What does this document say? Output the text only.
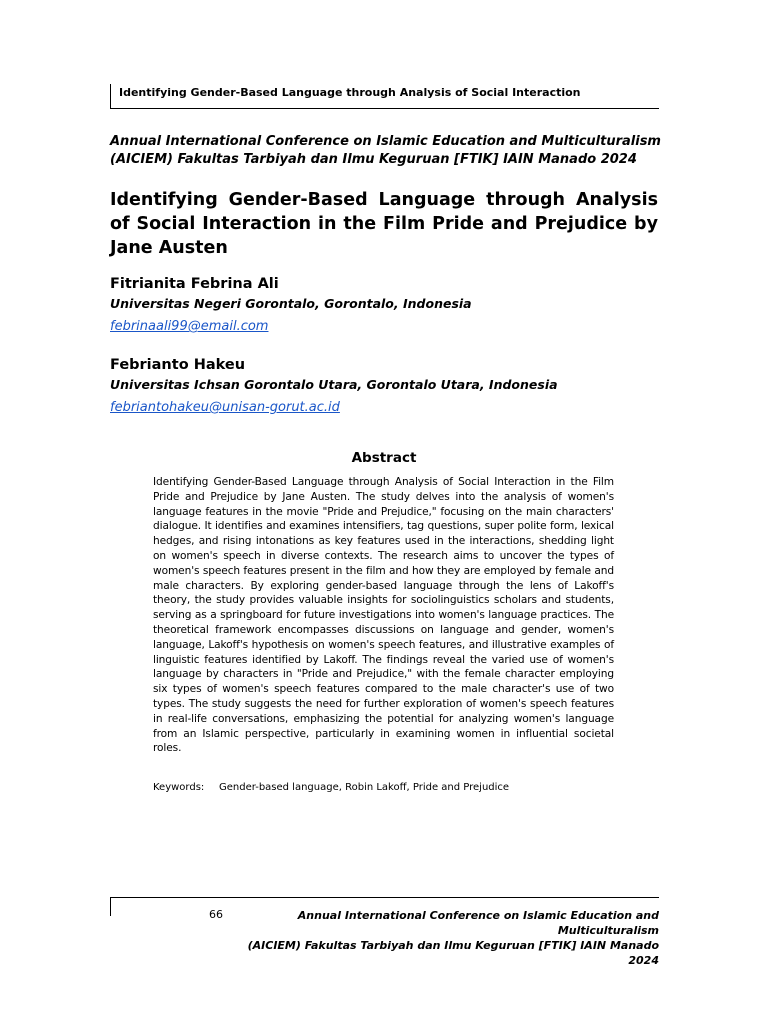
Identifying Gender-Based Language through Analysis of Social Interaction
Annual International Conference on Islamic Education and Multiculturalism
(AICIEM) Fakultas Tarbiyah dan Ilmu Keguruan [FTIK] IAIN Manado 2024
Identifying Gender-Based Language through Analysis of Social Interaction in the Film Pride and Prejudice by Jane Austen
Fitrianita Febrina Ali
Universitas Negeri Gorontalo, Gorontalo, Indonesia
febrinaali99@email.com
Febrianto Hakeu
Universitas Ichsan Gorontalo Utara, Gorontalo Utara, Indonesia
febriantohakeu@unisan-gorut.ac.id
Abstract
Identifying Gender-Based Language through Analysis of Social Interaction in the Film Pride and Prejudice by Jane Austen. The study delves into the analysis of women's language features in the movie "Pride and Prejudice," focusing on the main characters' dialogue. It identifies and examines intensifiers, tag questions, super polite form, lexical hedges, and rising intonations as key features used in the interactions, shedding light on women's speech in diverse contexts. The research aims to uncover the types of women's speech features present in the film and how they are employed by female and male characters. By exploring gender-based language through the lens of Lakoff's theory, the study provides valuable insights for sociolinguistics scholars and students, serving as a springboard for future investigations into women's language practices. The theoretical framework encompasses discussions on language and gender, women's language, Lakoff's hypothesis on women's speech features, and illustrative examples of linguistic features identified by Lakoff. The findings reveal the varied use of women's language by characters in "Pride and Prejudice," with the female character employing six types of women's speech features compared to the male character's use of two types. The study suggests the need for further exploration of women's speech features in real-life conversations, emphasizing the potential for analyzing women's language from an Islamic perspective, particularly in examining women in influential societal roles.
Keywords: Gender-based language, Robin Lakoff, Pride and Prejudice
66	Annual International Conference on Islamic Education and Multiculturalism
(AICIEM) Fakultas Tarbiyah dan Ilmu Keguruan [FTIK] IAIN Manado 2024
